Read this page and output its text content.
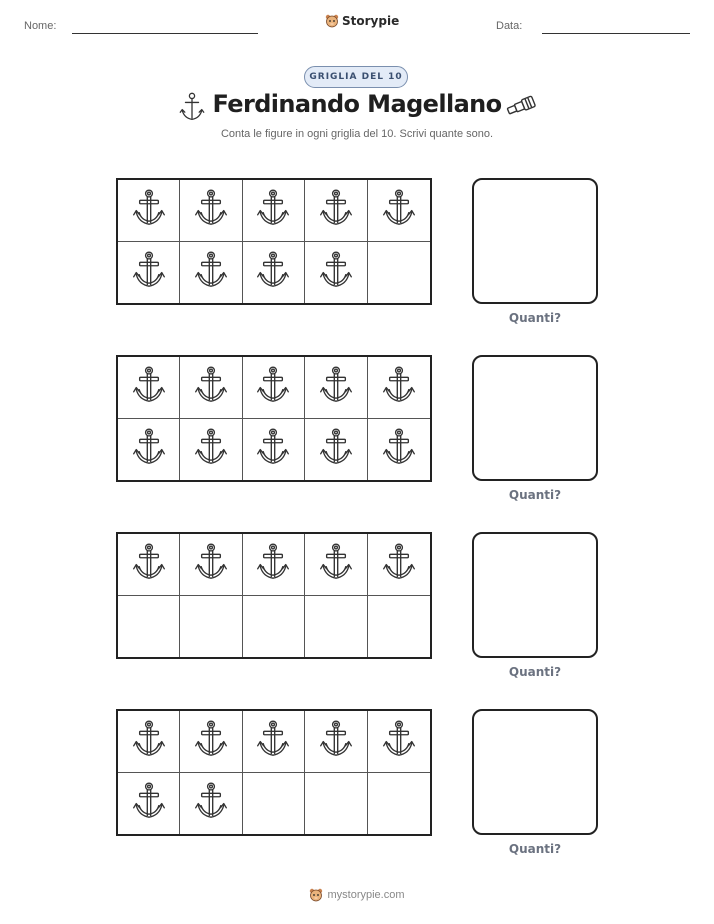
Nome:	Storypie	Data:
GRIGLIA DEL 10
Ferdinando Magellano
Conta le figure in ogni griglia del 10. Scrivi quante sono.
Quanti?
Quanti?
Quanti?
Quanti?
mystorypie.com
